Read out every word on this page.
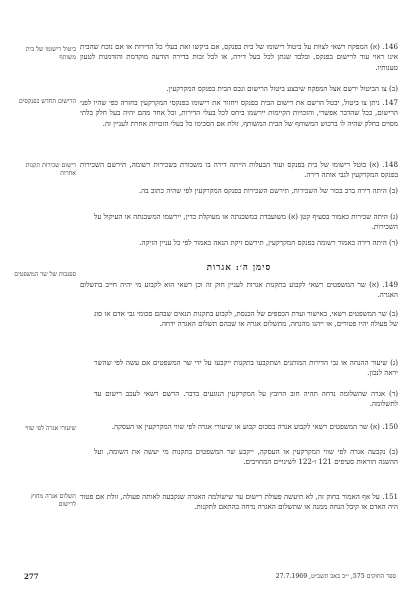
ביטול רישומו של בית משותף
הרישום החדש בפנקסים
רישום שכירות תקנות אחרות
ספנבות של שר המשפטים
שיעורי אגרה לפי שווי
תשלום אגרה מחוץ לרישום
146. (א) המפקח רשאי לצוות על ביטול רישומו של בית בפנקס, אם ביקשו זאת בעלי כל הדירות או אם נוכח שהבית אינו ראוי עוד לרישום בפנקס, ובלבד שנתן לכל בעל דירה, או לכל זכות בדירה הודעה מוקדמת והזדמנות לטעון טענותיו.
(ב) צו הביטול ירשם אצל המפקח שיבצע ביטול הרישום ונכס הבית בפנקס המקרקעין.
147. ניתן צו ביטול, יבטל הרשם את רישום הבית בפנקס ויחזור את רישומו בפנקסי המקרקעין בחזרה כפי שהיו לפני הרישום, ככל שהדבר אפשרי, והזכויות הקיימות יירשמו ביחס לכל בעלי הדירות, וכל אחד מהם יהיה בעל חלק בלתי מסוים בחלק שהיה לו ברכוש המשותף של הבית המשותף, זולת אם הסכימו כל בעלי הזכויות אחרת לעניין זה.
148. (א) בוטל רישומו של בית בפנקס ועוד הבעלות הייתה דירה בו משכורת בשכירות רשומה, תירשם השכירות בפנקס המקרקעין לגבי אותה דירה.
(ב) היתה דירה ברב בכור של השכירות, תירשם השכירות בפנקס המקרקעין לפי שהיה כתוב בה.
(ג) היתה שכירות כאמור בסעיף קטן (א) משועבדת במשכנתה או מעוקלת כדין, יירשמו המשכנתה או העיקול על השכירות.
(ד) היתה דירה כאמור רשומה בפנקס המקרקעין, תירשם זיקת הנאה כאמור לפי כל עניין הזיקה.
סימן ה׳: אגרות
149. (א) שר המשפטים רשאי לקבוע בתקנות אגרות לעניין חוק זה וכן רשאי הוא לקבוע מי יהיה חייב בתשלום האגרה.
(ב) שר המשפטים רשאי, באישור ועדת הכספים של הכנסת, לקבוע בתקנות תנאים שבהם סכומי גבי אדם או סוג של פעולה יהיו פטורים, או ייהנו מהנחה, מתשלום אגרה או שבהם תשלום האגרה ידחה.
(ג) שיעור ההנחה או גבי הדירות המותנים ושתקבעו בתקנות ייקבעו על ידי שר המשפטים אם עשה לפי שהשר יראה לנכון.
(ד) אגרה שהשלומה נדחה תהיה חוב הרובץ על המקרקעין הנוגעים בדבר. הרשם רשאי לעכב רישום עד לתשלומה.
150. (א) שר המשפטים רשאי לקבוע אגרה בסכום קבוע או שיעורי אגרה לפי שווי המקרקעין או העסקה.
(ב) נקבעה אגרה לפי שווי המקרקעין או העסקה, ייקבע שר המשפטים בתקנות מי יעשה את השומה, ועל ההשגה הוראות סעיפים 121 ו-122 לשינויים המחויבים.
151. על אף האמור בחוק זה, לא תיעשה פעולת רישום עד שישולמה האגרה שנקבעה לאותה פעולה, זולת אם פטור היה האדם או קיבל הנחה ממנה או שתשלום האגרה נדחה בהתאם לתקנות.
277	ספר החוקים 575, י״ב באב תשכ״ט, 27.7.1969
